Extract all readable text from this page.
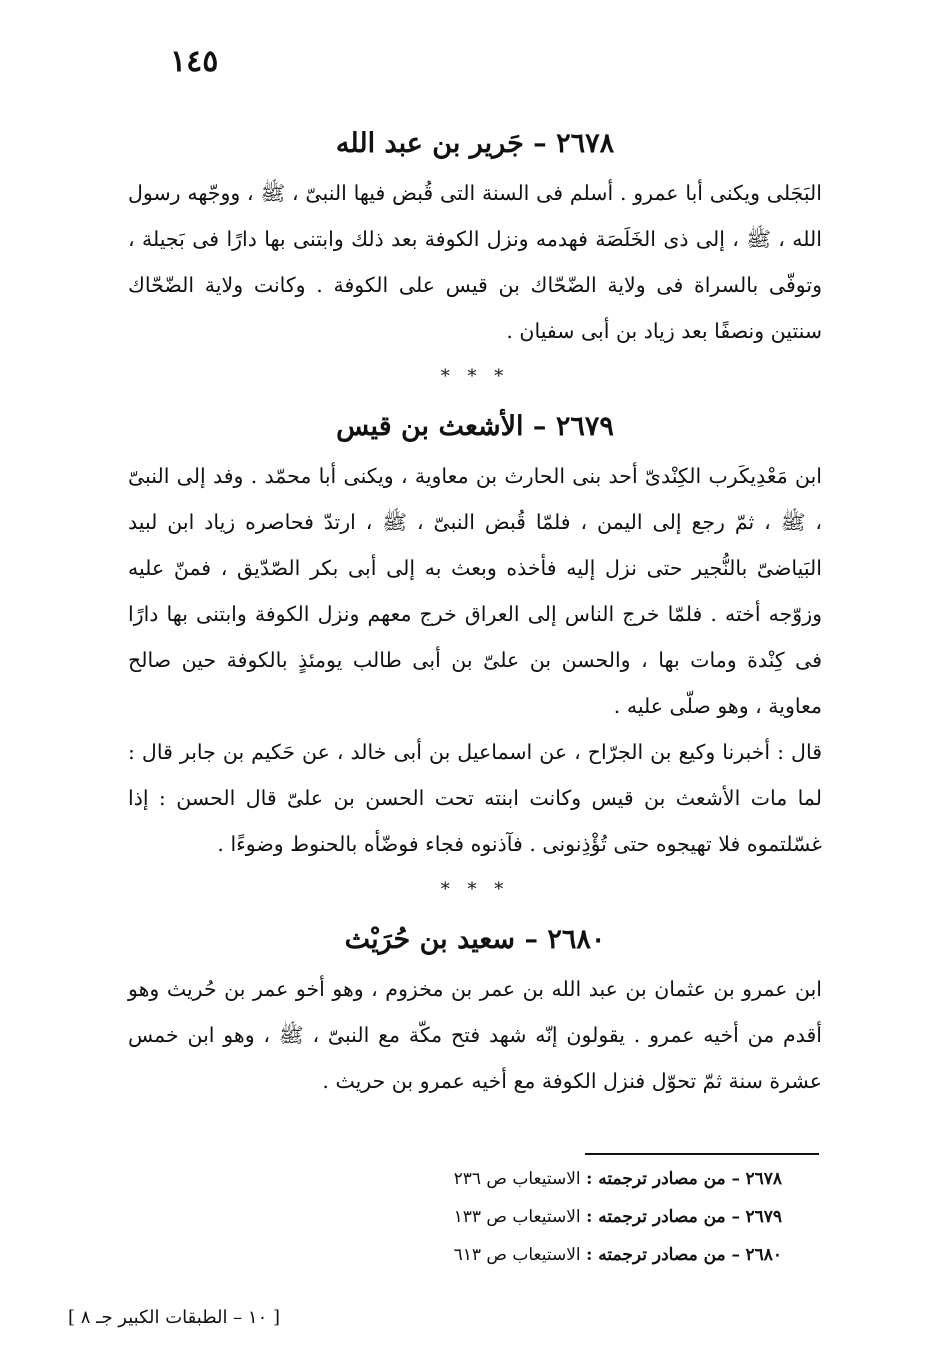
١٤٥
٢٦٧٨ – جَرير بن عبد الله

البَجَلى ويكنى أبا عمرو . أسلم فى السنة التى قُبض فيها النبىّ ، ﷺ ، ووجّهه رسول الله ، ﷺ ، إلى ذى الخَلَصَة فهدمه ونزل الكوفة بعد ذلك وابتنى بها دارًا فى بَجيلة ، وتوفّى بالسراة فى ولاية الضّحّاك بن قيس على الكوفة . وكانت ولاية الضّحّاك سنتين ونصفًا بعد زياد بن أبى سفيان .

* * *
٢٦٧٩ – الأشعث بن قيس

ابن مَعْدِيكَرب الكِنْدىّ أحد بنى الحارث بن معاوية ، ويكنى أبا محمّد . وفد إلى النبىّ ، ﷺ ، ثمّ رجع إلى اليمن ، فلمّا قُبض النبىّ ، ﷺ ، ارتدّ فحاصره زياد ابن لبيد البَياضىّ بالنُّجير حتى نزل إليه فأخذه وبعث به إلى أبى بكر الصّدّيق ، فمنّ عليه وزوّجه أخته . فلمّا خرج الناس إلى العراق خرج معهم ونزل الكوفة وابتنى بها دارًا فى كِنْدة ومات بها ، والحسن بن علىّ بن أبى طالب يومئذٍ بالكوفة حين صالح معاوية ، وهو صلّى عليه .

قال : أخبرنا وكيع بن الجرّاح ، عن اسماعيل بن أبى خالد ، عن حَكيم بن جابر قال : لما مات الأشعث بن قيس وكانت ابنته تحت الحسن بن علىّ قال الحسن : إذا غسّلتموه فلا تهيجوه حتى تُؤْذِنونى . فآذنوه فجاء فوضّأه بالحنوط وضوءًا .

* * *
٢٦٨٠ – سعيد بن حُرَيْث

ابن عمرو بن عثمان بن عبد الله بن عمر بن مخزوم ، وهو أخو عمر بن حُريث وهو أقدم من أخيه عمرو . يقولون إنّه شهد فتح مكّة مع النبىّ ، ﷺ ، وهو ابن خمس عشرة سنة ثمّ تحوّل فنزل الكوفة مع أخيه عمرو بن حريث .

٢٦٧٨ – من مصادر ترجمته : الاستيعاب ص ٢٣٦

٢٦٧٩ – من مصادر ترجمته : الاستيعاب ص ١٣٣

٢٦٨٠ – من مصادر ترجمته : الاستيعاب ص ٦١٣

[ ١٠ – الطبقات الكبير جـ ٨ ]
